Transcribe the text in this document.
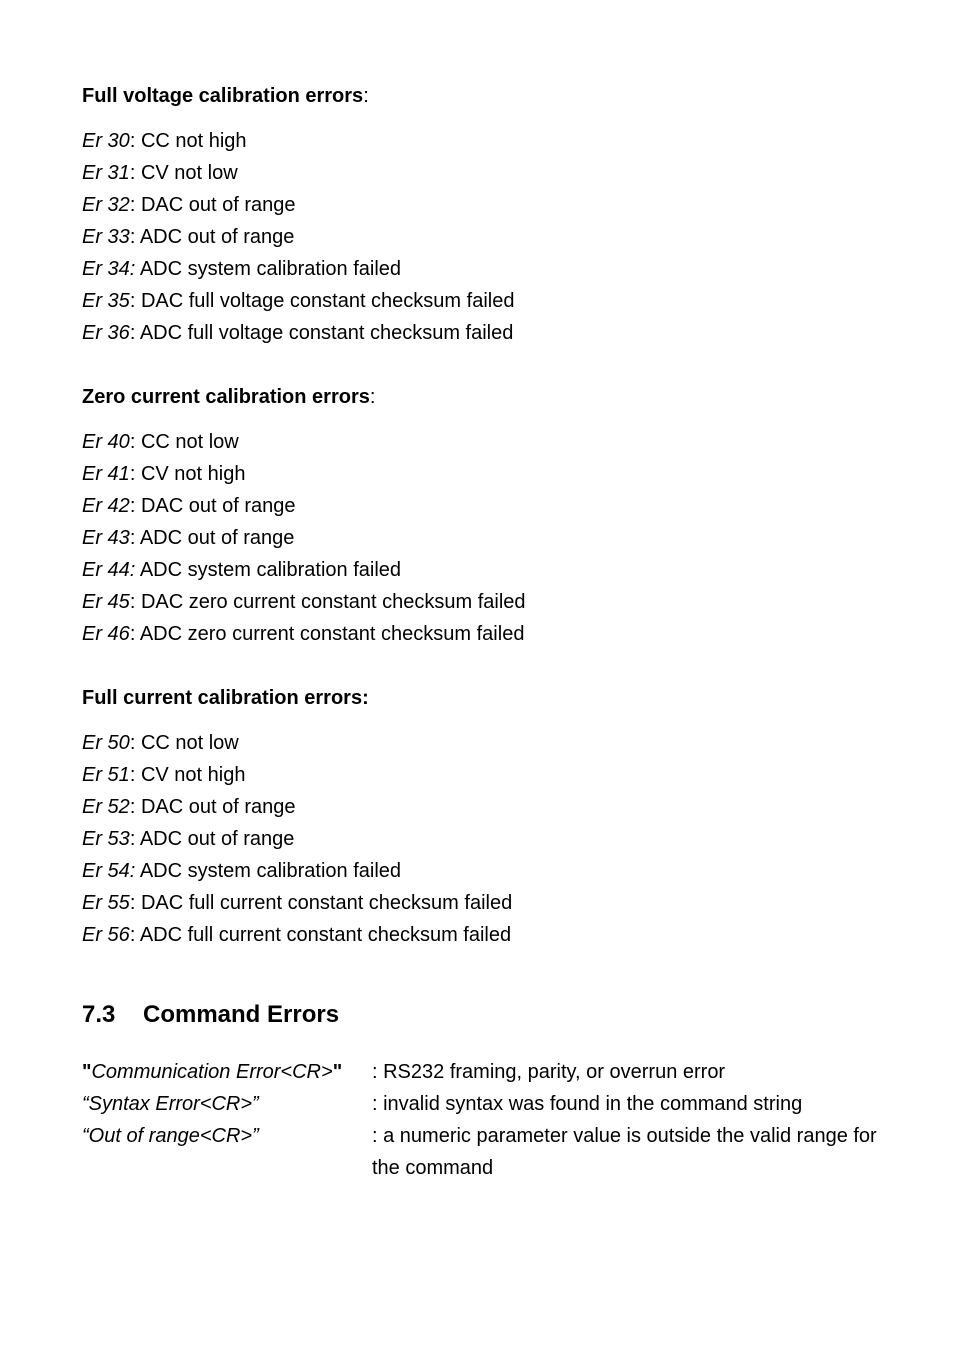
Full voltage calibration errors:
Er 30: CC not high
Er 31: CV not low
Er 32: DAC out of range
Er 33: ADC out of range
Er 34: ADC system calibration failed
Er 35: DAC full voltage constant checksum failed
Er 36: ADC full voltage constant checksum failed
Zero current calibration errors:
Er 40: CC not low
Er 41: CV not high
Er 42: DAC out of range
Er 43: ADC out of range
Er 44: ADC system calibration failed
Er 45: DAC zero current constant checksum failed
Er 46: ADC zero current constant checksum failed
Full current calibration errors:
Er 50: CC not low
Er 51: CV not high
Er 52: DAC out of range
Er 53: ADC out of range
Er 54: ADC system calibration failed
Er 55: DAC full current constant checksum failed
Er 56: ADC full current constant checksum failed
7.3 Command Errors
"Communication Error<CR>" : RS232 framing, parity, or overrun error
“Syntax Error<CR>”	: invalid syntax was found in the command string
“Out of range<CR>”	: a numeric parameter value is outside the valid range for the command
